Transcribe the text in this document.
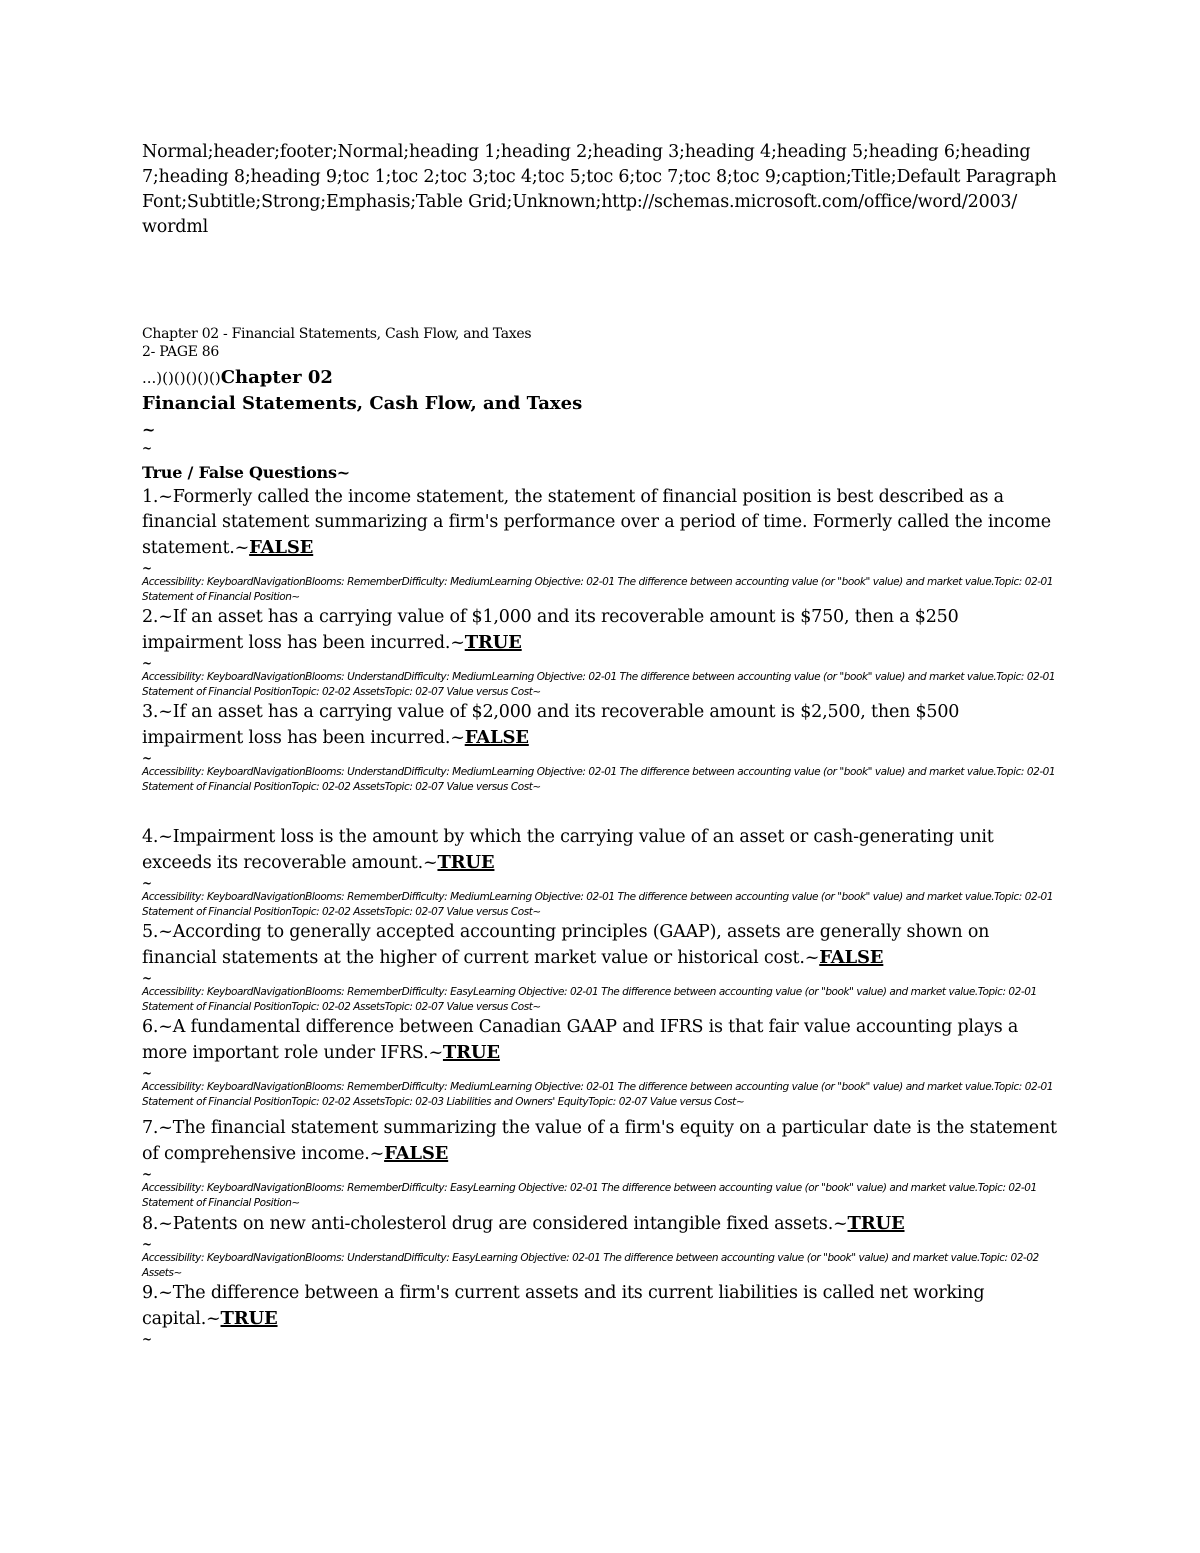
Normal;header;footer;Normal;heading 1;heading 2;heading 3;heading 4;heading 5;heading 6;heading 7;heading 8;heading 9;toc 1;toc 2;toc 3;toc 4;toc 5;toc 6;toc 7;toc 8;toc 9;caption;Title;Default Paragraph Font;Subtitle;Strong;Emphasis;Table Grid;Unknown;http://schemas.microsoft.com/office/word/2003/ wordml

Chapter 02 - Financial Statements, Cash Flow, and Taxes

2- PAGE 86

...)()()()()()Chapter 02

Financial Statements, Cash Flow, and Taxes

~

~

True / False Questions~

1.~Formerly called the income statement, the statement of financial position is best described as a financial statement summarizing a firm's performance over a period of time. Formerly called the income statement.~FALSE

~

Accessibility: KeyboardNavigationBlooms: RememberDifficulty: MediumLearning Objective: 02-01 The difference between accounting value (or "book" value) and market value.Topic: 02-01 Statement of Financial Position~

2.~If an asset has a carrying value of $1,000 and its recoverable amount is $750, then a $250 impairment loss has been incurred.~TRUE

~

Accessibility: KeyboardNavigationBlooms: UnderstandDifficulty: MediumLearning Objective: 02-01 The difference between accounting value (or "book" value) and market value.Topic: 02-01 Statement of Financial PositionTopic: 02-02 AssetsTopic: 02-07 Value versus Cost~

3.~If an asset has a carrying value of $2,000 and its recoverable amount is $2,500, then $500 impairment loss has been incurred.~FALSE

~

Accessibility: KeyboardNavigationBlooms: UnderstandDifficulty: MediumLearning Objective: 02-01 The difference between accounting value (or "book" value) and market value.Topic: 02-01 Statement of Financial PositionTopic: 02-02 AssetsTopic: 02-07 Value versus Cost~

4.~Impairment loss is the amount by which the carrying value of an asset or cash-generating unit exceeds its recoverable amount.~TRUE

~

Accessibility: KeyboardNavigationBlooms: RememberDifficulty: MediumLearning Objective: 02-01 The difference between accounting value (or "book" value) and market value.Topic: 02-01 Statement of Financial PositionTopic: 02-02 AssetsTopic: 02-07 Value versus Cost~

5.~According to generally accepted accounting principles (GAAP), assets are generally shown on financial statements at the higher of current market value or historical cost.~FALSE

~

Accessibility: KeyboardNavigationBlooms: RememberDifficulty: EasyLearning Objective: 02-01 The difference between accounting value (or "book" value) and market value.Topic: 02-01 Statement of Financial PositionTopic: 02-02 AssetsTopic: 02-07 Value versus Cost~

6.~A fundamental difference between Canadian GAAP and IFRS is that fair value accounting plays a more important role under IFRS.~TRUE

~

Accessibility: KeyboardNavigationBlooms: RememberDifficulty: MediumLearning Objective: 02-01 The difference between accounting value (or "book" value) and market value.Topic: 02-01 Statement of Financial PositionTopic: 02-02 AssetsTopic: 02-03 Liabilities and Owners' EquityTopic: 02-07 Value versus Cost~

7.~The financial statement summarizing the value of a firm's equity on a particular date is the statement of comprehensive income.~FALSE

~

Accessibility: KeyboardNavigationBlooms: RememberDifficulty: EasyLearning Objective: 02-01 The difference between accounting value (or "book" value) and market value.Topic: 02-01 Statement of Financial Position~

8.~Patents on new anti-cholesterol drug are considered intangible fixed assets.~TRUE

~

Accessibility: KeyboardNavigationBlooms: UnderstandDifficulty: EasyLearning Objective: 02-01 The difference between accounting value (or "book" value) and market value.Topic: 02-02 Assets~

9.~The difference between a firm's current assets and its current liabilities is called net working capital.~TRUE

~
